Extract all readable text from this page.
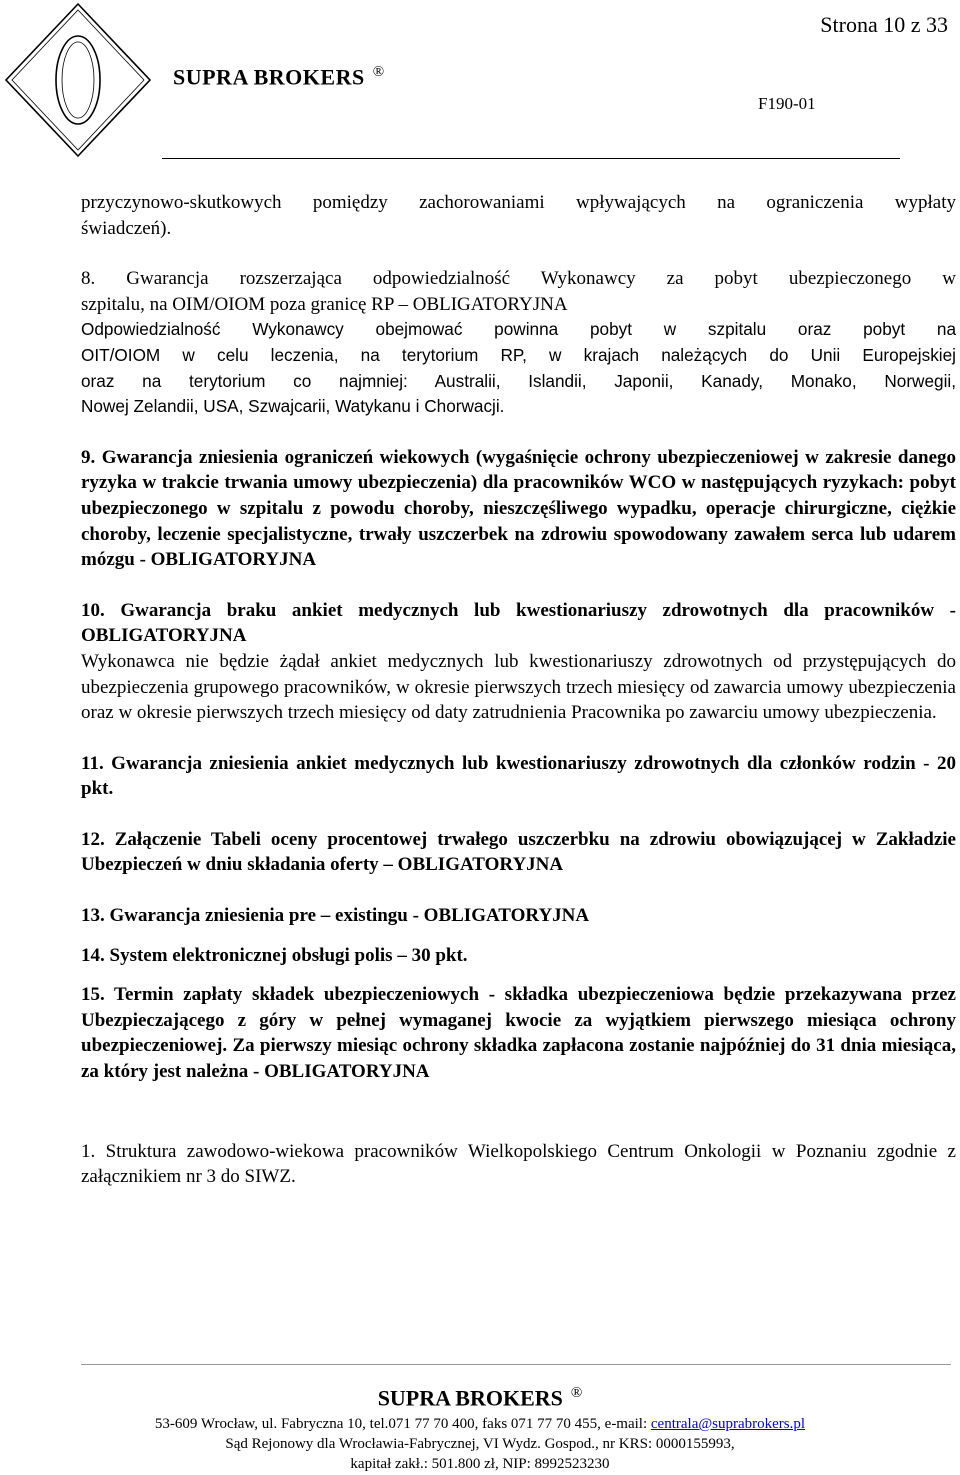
Strona 10 z 33
SUPRA BROKERS ®
F190-01

przyczynowo-skutkowych pomiędzy zachorowaniami wpływających na ograniczenia wypłaty

świadczeń).

8. Gwarancja rozszerzająca odpowiedzialność Wykonawcy za pobyt ubezpieczonego w

szpitalu, na OIM/OIOM poza granicę RP – OBLIGATORYJNA

Odpowiedzialność Wykonawcy obejmować powinna pobyt w szpitalu oraz pobyt na

OIT/OIOM w celu leczenia, na terytorium RP, w krajach należących do Unii Europejskiej

oraz na terytorium co najmniej: Australii, Islandii, Japonii, Kanady, Monako, Norwegii,

Nowej Zelandii, USA, Szwajcarii, Watykanu i Chorwacji.

9. Gwarancja zniesienia ograniczeń wiekowych (wygaśnięcie ochrony ubezpieczeniowej w zakresie danego ryzyka w trakcie trwania umowy ubezpieczenia) dla pracowników WCO w następujących ryzykach: pobyt ubezpieczonego w szpitalu z powodu choroby, nieszczęśliwego wypadku, operacje chirurgiczne, ciężkie choroby, leczenie specjalistyczne, trwały uszczerbek na zdrowiu spowodowany zawałem serca lub udarem mózgu - OBLIGATORYJNA

10. Gwarancja braku ankiet medycznych lub kwestionariuszy zdrowotnych dla pracowników - OBLIGATORYJNA

Wykonawca nie będzie żądał ankiet medycznych lub kwestionariuszy zdrowotnych od przystępujących do ubezpieczenia grupowego pracowników, w okresie pierwszych trzech miesięcy od zawarcia umowy ubezpieczenia oraz w okresie pierwszych trzech miesięcy od daty zatrudnienia Pracownika po zawarciu umowy ubezpieczenia.

11. Gwarancja zniesienia ankiet medycznych lub kwestionariuszy zdrowotnych dla członków rodzin - 20 pkt.

12. Załączenie Tabeli oceny procentowej trwałego uszczerbku na zdrowiu obowiązującej w Zakładzie Ubezpieczeń w dniu składania oferty – OBLIGATORYJNA

13. Gwarancja zniesienia pre – existingu - OBLIGATORYJNA

14. System elektronicznej obsługi polis – 30 pkt.

15. Termin zapłaty składek ubezpieczeniowych - składka ubezpieczeniowa będzie przekazywana przez Ubezpieczającego z góry w pełnej wymaganej kwocie za wyjątkiem pierwszego miesiąca ochrony ubezpieczeniowej. Za pierwszy miesiąc ochrony składka zapłacona zostanie najpóźniej do 31 dnia miesiąca, za który jest należna - OBLIGATORYJNA

1. Struktura zawodowo-wiekowa pracowników Wielkopolskiego Centrum Onkologii w Poznaniu zgodnie z załącznikiem nr 3 do SIWZ.

SUPRA BROKERS ®
53-609 Wrocław, ul. Fabryczna 10, tel.071 77 70 400, faks 071 77 70 455, e-mail: centrala@suprabrokers.pl
Sąd Rejonowy dla Wrocławia-Fabrycznej, VI Wydz. Gospod., nr KRS: 0000155993,
kapitał zakł.: 501.800 zł, NIP: 8992523230
